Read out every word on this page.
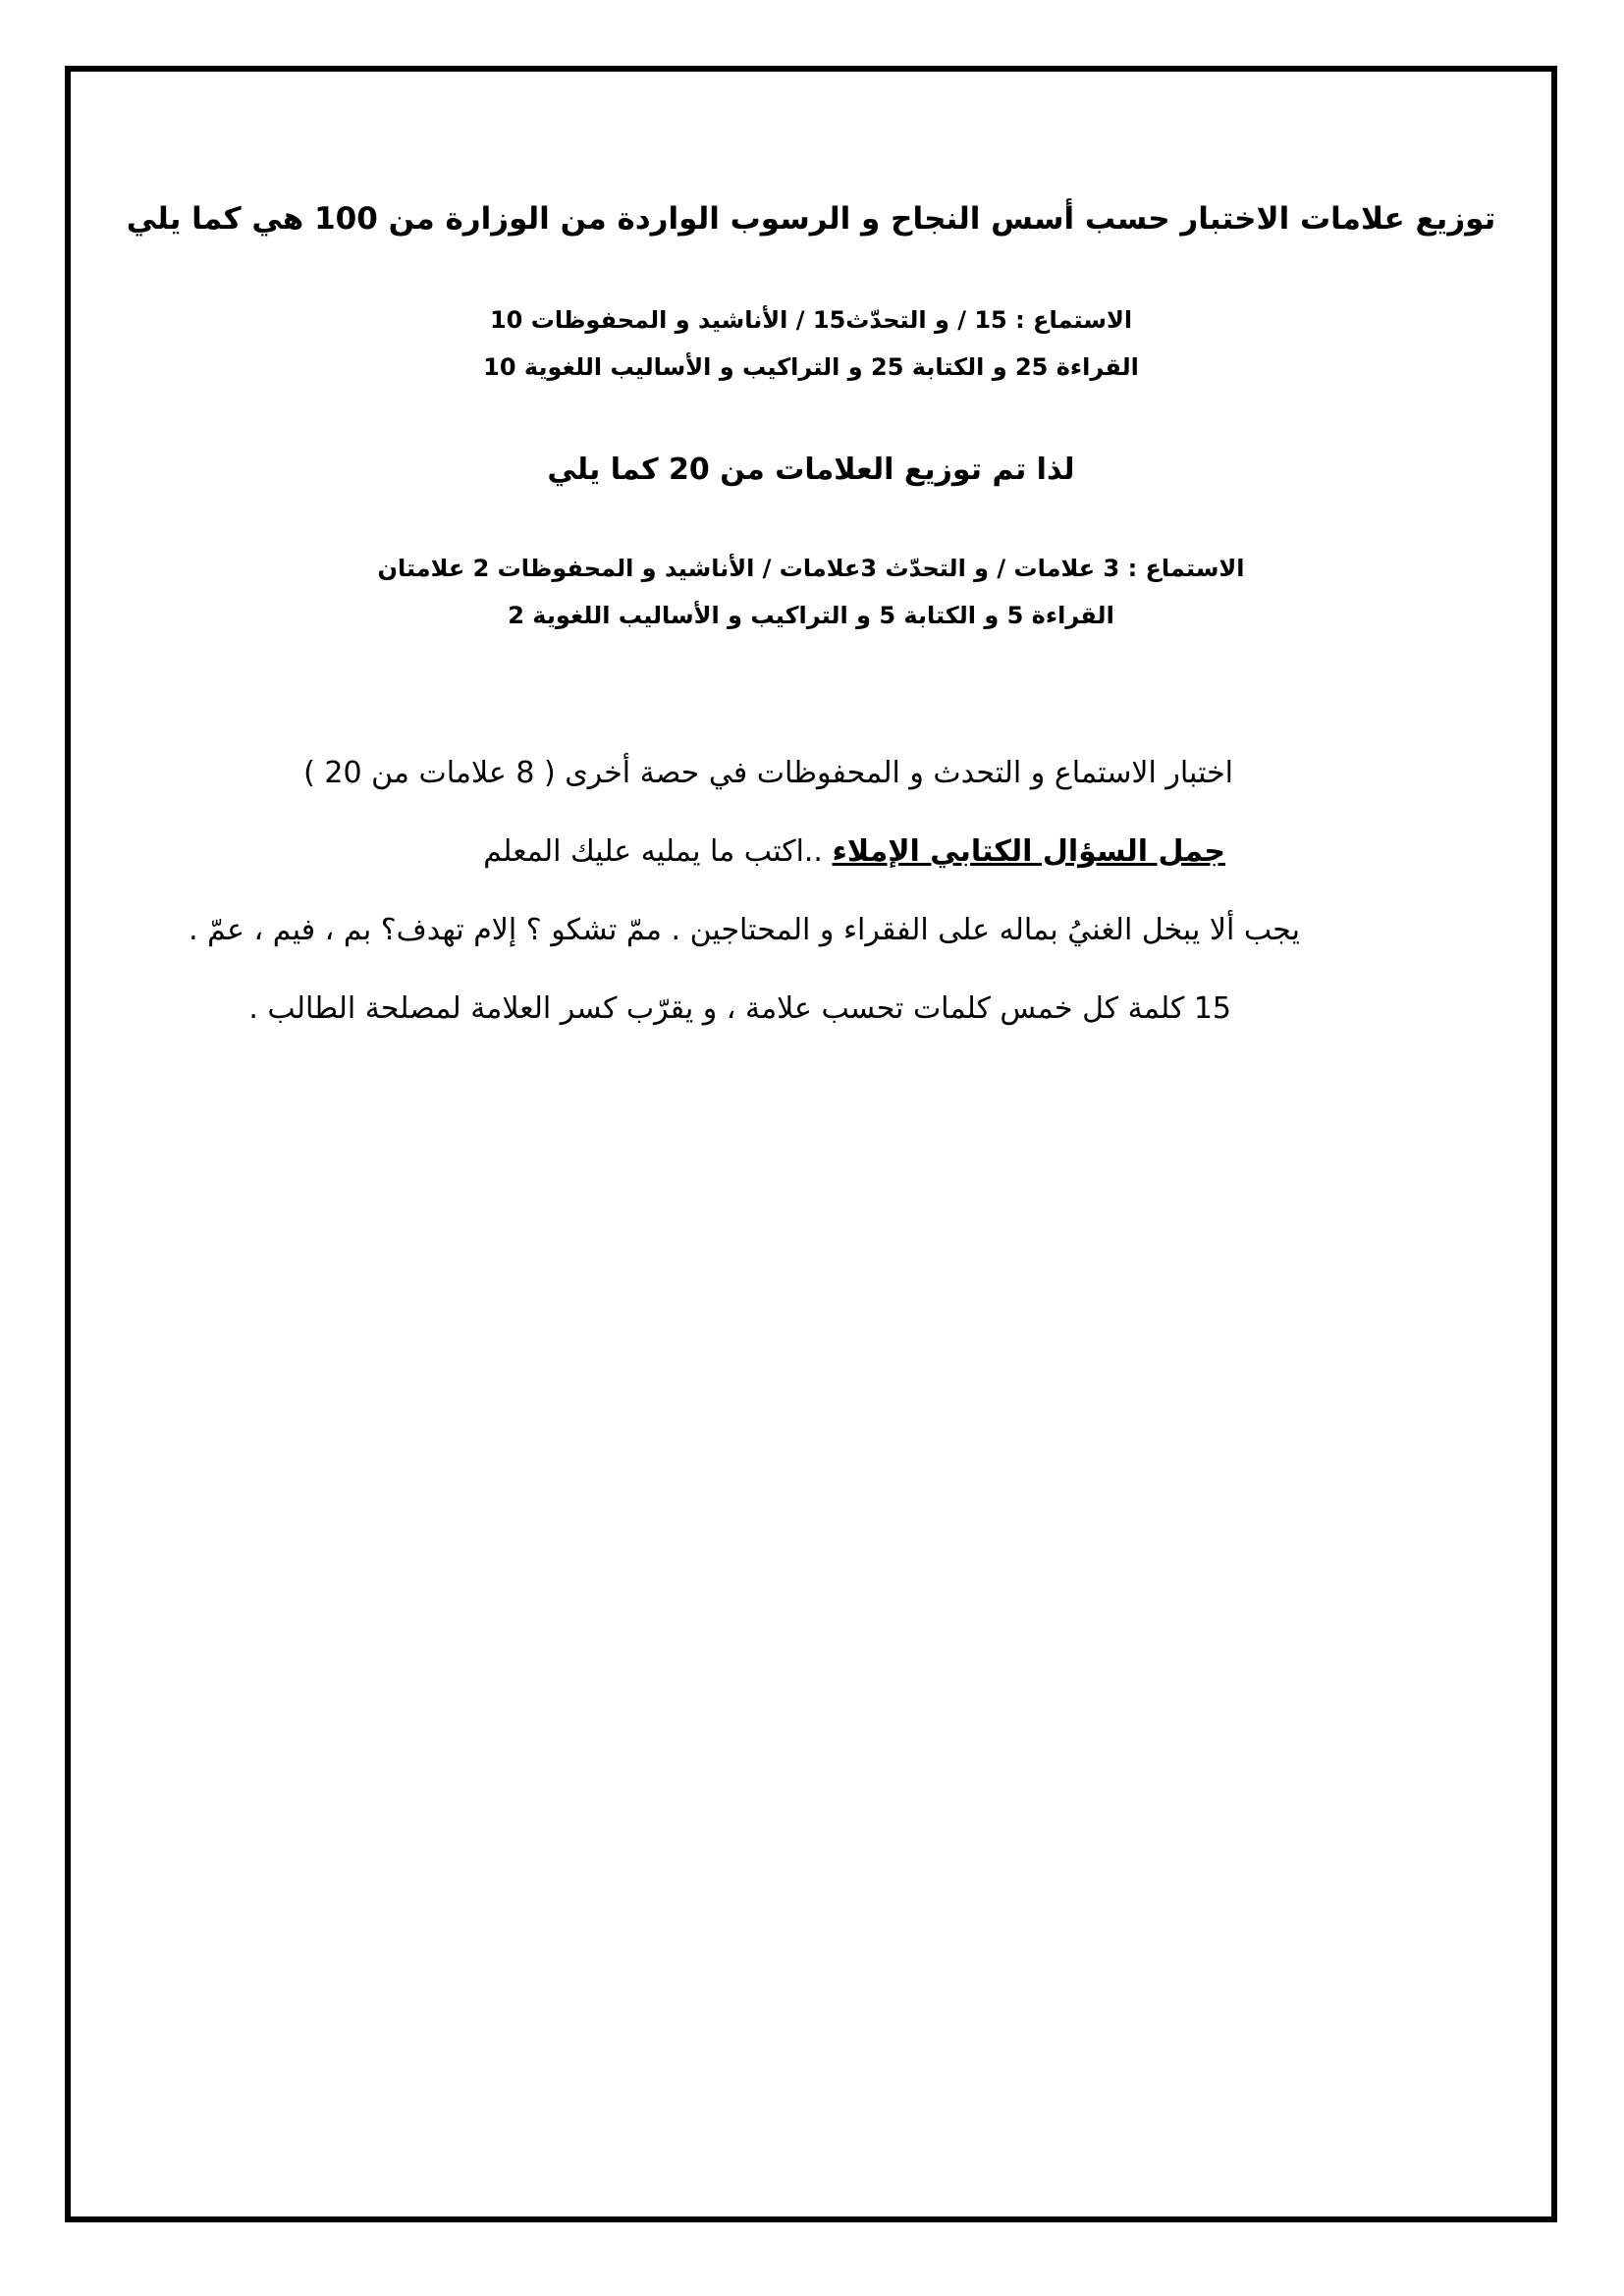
توزيع علامات الاختبار حسب أسس النجاح و الرسوب الواردة من الوزارة من 100 هي كما يلي
الاستماع : 15 / و التحدّث15 / الأناشيد و المحفوظات 10
القراءة 25 و الكتابة 25 و التراكيب و الأساليب اللغوية 10
لذا تم توزيع العلامات من 20 كما يلي
الاستماع : 3 علامات / و التحدّث 3علامات / الأناشيد و المحفوظات 2 علامتان
القراءة 5 و الكتابة 5 و التراكيب و الأساليب اللغوية 2
اختبار الاستماع و التحدث و المحفوظات في حصة أخرى ( 8 علامات من 20 )
جمل السؤال الكتابي الإملاء ..اكتب ما يمليه عليك المعلم
يجب ألا يبخل الغنيُ بماله على الفقراء و المحتاجين . ممّ تشكو ؟ إلام تهدف؟ بم ، فيم ، عمّ .
15 كلمة كل خمس كلمات تحسب علامة ، و يقرّب كسر العلامة لمصلحة الطالب .
